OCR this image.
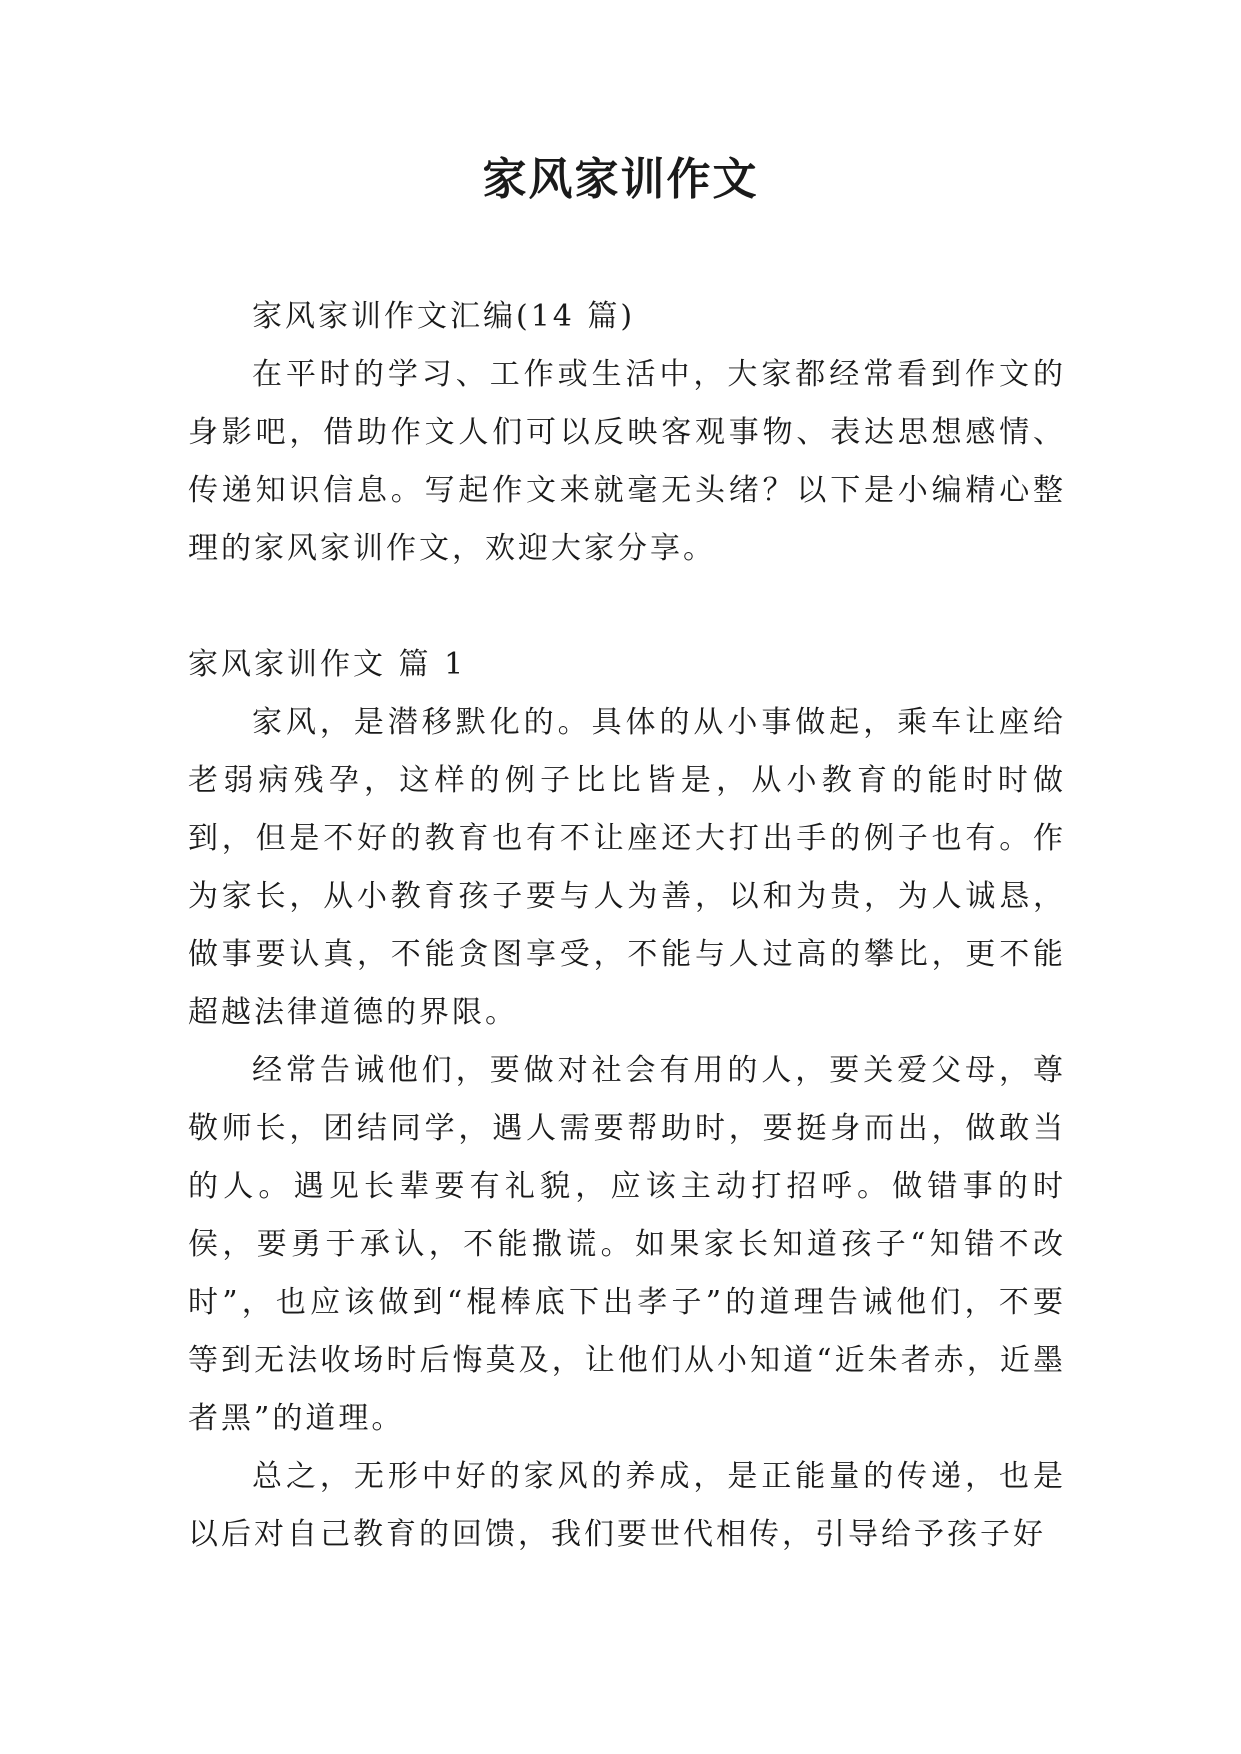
家风家训作文

家风家训作文汇编(14 篇)

在平时的学习、工作或生活中，大家都经常看到作文的身影吧，借助作文人们可以反映客观事物、表达思想感情、传递知识信息。写起作文来就毫无头绪？以下是小编精心整理的家风家训作文，欢迎大家分享。

家风家训作文 篇 1

家风，是潜移默化的。具体的从小事做起，乘车让座给老弱病残孕，这样的例子比比皆是，从小教育的能时时做到，但是不好的教育也有不让座还大打出手的例子也有。作为家长，从小教育孩子要与人为善，以和为贵，为人诚恳，做事要认真，不能贪图享受，不能与人过高的攀比，更不能超越法律道德的界限。

经常告诫他们，要做对社会有用的人，要关爱父母，尊敬师长，团结同学，遇人需要帮助时，要挺身而出，做敢当的人。遇见长辈要有礼貌，应该主动打招呼。做错事的时侯，要勇于承认，不能撒谎。如果家长知道孩子“知错不改时”，也应该做到“棍棒底下出孝子”的道理告诫他们，不要等到无法收场时后悔莫及，让他们从小知道“近朱者赤，近墨者黑”的道理。

总之，无形中好的家风的养成，是正能量的传递，也是以后对自己教育的回馈，我们要世代相传，引导给予孩子好
